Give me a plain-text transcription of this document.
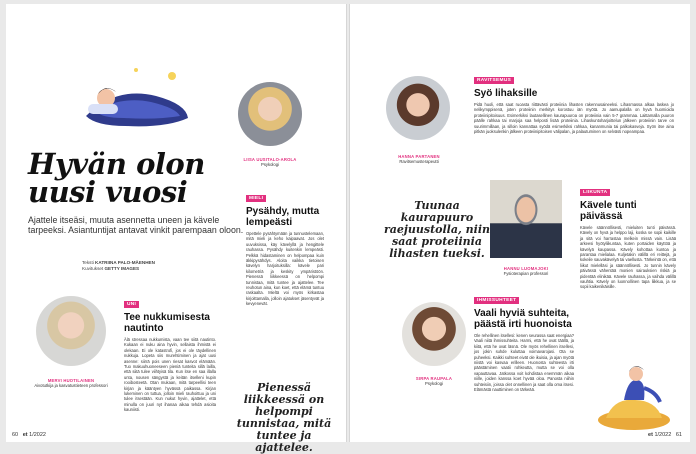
Hyvän olon uusi vuosi
Ajattele itseäsi, muuta asennetta uneen ja kävele tarpeeksi. Asiantuntijat antavat vinkit parempaan oloon.
Teksti KATRIINA PALO-MÄENHEN
Kuvitukset GETTY IMAGES
LIISA UUSITALO-AROLA
Psykologi
MIELI
Pysähdy, mutta lempeästi
Opettele pysähtymään ja tunnustelemaan, mitä mieli ja keho kaipaavat. Jos olet uuvuksissa, käy kävelyllä ja hengittele rauhassa. Pysähdy kuitenkin lempeästi. Pelkkä hidastaminen on helpompaa kuin äkkipysähdys. Aloita vaikka tietoisen kävelyn harjoituksilla: kävele pari kilometriä ja keskity ympäristöön. Pienessä liikkeessä on helpompi tunnistaa, mitä tuntee ja ajattelee. Tee reuhotun aina, kun koet, että elämä tuntuu raskaalta. Mieltä voi myös kirkastaa kirjoittamalla, jolloin ajatukset jäsentyvät ja kevyenevät.
MERVI HUOTILAINEN
Aivotutkija ja kasvatustieteen professori
UNI
Tee nukkumisesta nautinto
Älä stressaa nukkumista, vaan tee siitä nautinto. Kukaan ei nuku aina hyvin, sellaista ihmistä ei olekaan. Ei ole katastrofi, jos ei ole täydellinen nukkuja. Lopeta siis murehtiminen ja ajat uusi asenne: siirrä pois unen riesat kasvot elämään. Tuo makuuhuoneeseen pieniä tunteita sillä lailla, että siitä tulee viihtyisä tila. Kun itse en saa illalla unta, nousen sängystä ja keitän itselleni kupin rooibosteetä. Otan mukaan, mitä tarpeellisi teen kirjan ja kääntyen hyvässä paikassa. Kirjan lukeminen on tuttua, jolloin mieli rauhoittuu ja uni tulee itsestään. Kun nukut hyvin, ajattelet, että minulla on juuri nyt ihanaa aikaa tehdä asioita kauniisti.
Pienessä liikkeessä on helpompi tunnistaa, mitä tuntee ja ajattelee.
60 et 1/2022
HANNA PARTANEN
Ravitsemusterapeutti
RAVITSEMUS
Syö lihaksille
Pidä huoli, että saat ruoasta riittävästi proteiinia lihasten rakennusaineeksi. Lihasmassa alkaa laskea jo nelikymppisenä, joten proteiinin merkitys korostuu iän myötä. Jo aamupalalla on hyvä huomioida proteiinipitoisuus. Esimerkiksi lautasellinen kaurapuuroa on proteiinia vain 5-7 grammaa. Laittamalla puuron päälle rahkaa tai marjoja saa helposti lisää proteiinia. Lihaskuntoharjoittelun jälkeen proteiinin tarve on suurimmillaan, ja silloin kannattaa syödä esimerkiksi rahkaa, kananmunia tai palkokasveja. Syön itse aina pitkän juoksulenkin jälkeen proteiinipitoisen välipalan, ja palautuminen on selvästi nopeampaa.
Tuunaa kaurapuuro raejuustolla, niin saat proteiinia lihasten tueksi.
HANNU LUOMAJOKI
Fysioterapian professori
LIIKUNTA
Kävele tunti päivässä
Kävele säännöllisesti, mieluiten tunti päivässä. Kävely on hyvä ja helppo laji, koska se sopii kaikille ja sitä voi harrastaa melkein missä vain. Lisää arkeesi hyötyliikuntaa, kuten portaiden käyttöä ja kävelyä kaupassa. Kävely kohottaa kuntoa ja parantaa mielialaa. Kuljetakin välillä eri reittejä, ja kokeile sauvakävelyä tai vaellusta. Tärkeintä on, että liikut mielelläsi ja säännöllisesti. Jo tunnin kävely päivässä vähentää monien sairauksien riskiä ja pidentää elinikää. Kävele rauhassa, ja vaihda välillä vauhtia. Kävely on luonnollinen tapa liikkua, ja se sopii kaikenikäisille.
SIRPA RAUPALA
Psykologi
IHMISSUHTEET
Vaali hyviä suhteita, päästä irti huonoista
Ole rehellinen itsellesi: kenen seurassa saat energiaa? Vaali niitä ihmissuhteita. Harmi, että he ovat täällä, ja kiitä, että he ovat läsnä. Ole myös rehellinen itsellesi, jos jokin suhde kuluttaa voimavarojasi. Ota se puheeksi. Kaikki suhteet eivät ole ikuisia, ja ajan myötä niistä voi kasvaa erilleen. Huonosta suhteesta irti päästäminen vaatii rohkeutta, mutta se voi olla vapauttavaa. Jatkossa voit kohdistaa enemmän aikaa niille, joiden kanssa koet hyvää oloa. Panosta niihin suhteisiin, joissa olet onnellinen ja saat olla oma itsesi. Elämästä nauttiminen on tärkeää.
et 1/2022 61
